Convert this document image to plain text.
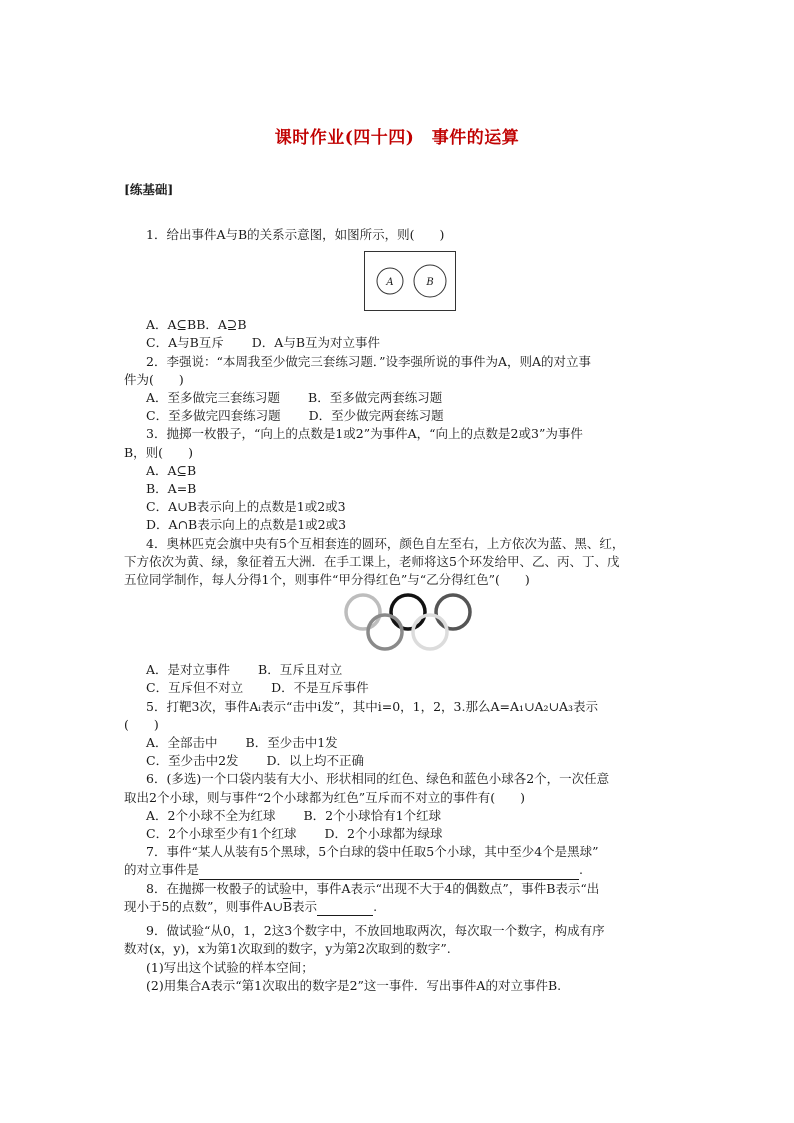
课时作业(四十四)　事件的运算
[练基础]
1．给出事件A与B的关系示意图，如图所示，则(　　)
A	B
A．A⊆BB．A⊇B
C．A与B互斥 D．A与B互为对立事件
2．李强说：“本周我至少做完三套练习题．”设李强所说的事件为A，则A的对立事
件为(　　)
A．至多做完三套练习题 B．至多做完两套练习题
C．至多做完四套练习题 D．至少做完两套练习题
3．抛掷一枚骰子，“向上的点数是1或2”为事件A，“向上的点数是2或3”为事件
B，则(　　)
A．A⊆B
B．A=B
C．A∪B表示向上的点数是1或2或3
D．A∩B表示向上的点数是1或2或3
4．奥林匹克会旗中央有5个互相套连的圆环，颜色自左至右，上方依次为蓝、黑、红，
下方依次为黄、绿，象征着五大洲．在手工课上，老师将这5个环发给甲、乙、丙、丁、戊
五位同学制作，每人分得1个，则事件“甲分得红色”与“乙分得红色”(　　)
A．是对立事件 B．互斥且对立
C．互斥但不对立 D．不是互斥事件
5．打靶3次，事件Aᵢ表示“击中i发”，其中i=0，1，2，3.那么A=A₁∪A₂∪A₃表示
(　　)
A．全部击中 B．至少击中1发
C．至少击中2发 D．以上均不正确
6．(多选)一个口袋内装有大小、形状相同的红色、绿色和蓝色小球各2个，一次任意
取出2个小球，则与事件“2个小球都为红色”互斥而不对立的事件有(　　)
A．2个小球不全为红球 B．2个小球恰有1个红球
C．2个小球至少有1个红球 D．2个小球都为绿球
7．事件“某人从装有5个黑球，5个白球的袋中任取5个小球，其中至少4个是黑球”
的对立事件是	.
8．在抛掷一枚骰子的试验中，事件A表示“出现不大于4的偶数点”，事件B表示“出
现小于5的点数”，则事件$A\cup\overline{B}$表示	.
9．做试验“从0，1，2这3个数字中，不放回地取两次，每次取一个数字，构成有序
数对(x，y)，x为第1次取到的数字，y为第2次取到的数字”.
(1)写出这个试验的样本空间；
(2)用集合A表示“第1次取出的数字是2”这一事件．写出事件A的对立事件B.
